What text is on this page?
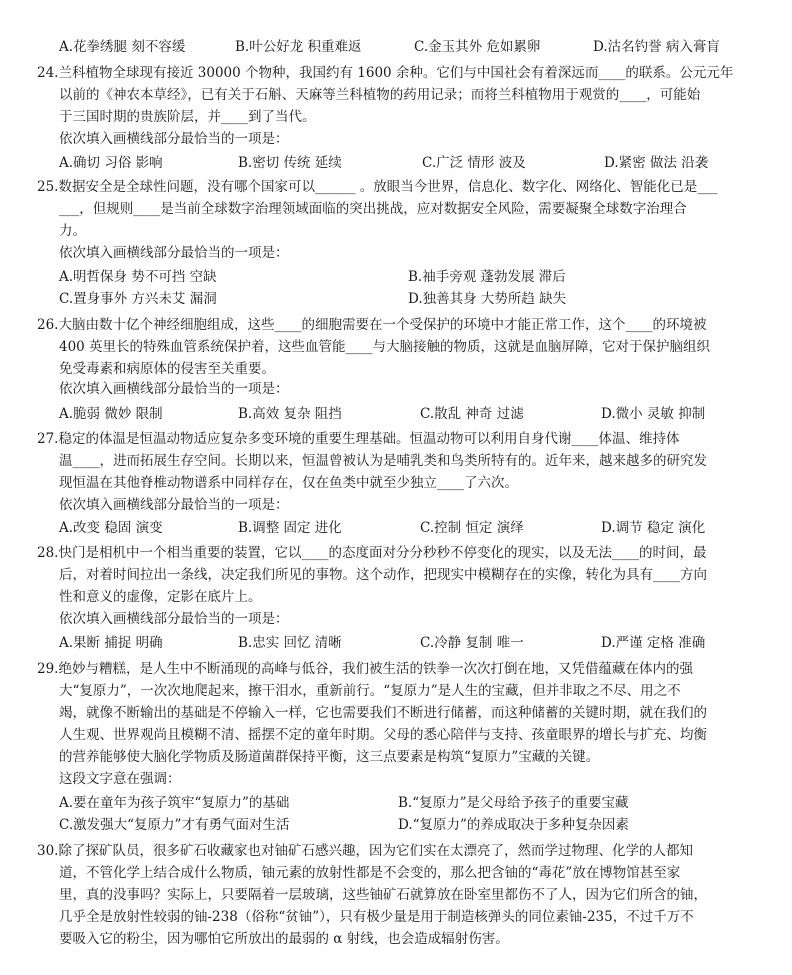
A.花拳绣腿 刻不容缓	B.叶公好龙 积重难返	C.金玉其外 危如累卵	D.沽名钓誉 病入膏肓
24.兰科植物全球现有接近 30000 个物种，我国约有 1600 余种。它们与中国社会有着深远而____的联系。公元元年
以前的《神农本草经》，已有关于石斛、天麻等兰科植物的药用记录；而将兰科植物用于观赏的____，可能始
于三国时期的贵族阶层，并____到了当代。
依次填入画横线部分最恰当的一项是：
A.确切 习俗 影响	B.密切 传统 延续	C.广泛 情形 波及	D.紧密 做法 沿袭
25.数据安全是全球性问题，没有哪个国家可以______ 。放眼当今世界，信息化、数字化、网络化、智能化已是___
___，但规则____是当前全球数字治理领域面临的突出挑战，应对数据安全风险，需要凝聚全球数字治理合
力。
依次填入画横线部分最恰当的一项是：
A.明哲保身 势不可挡 空缺	B.袖手旁观 蓬勃发展 滞后
C.置身事外 方兴未艾 漏洞	D.独善其身 大势所趋 缺失
26.大脑由数十亿个神经细胞组成，这些____的细胞需要在一个受保护的环境中才能正常工作，这个____的环境被
400 英里长的特殊血管系统保护着，这些血管能____与大脑接触的物质，这就是血脑屏障，它对于保护脑组织
免受毒素和病原体的侵害至关重要。
依次填入画横线部分最恰当的一项是：
A.脆弱 微妙 限制	B.高效 复杂 阻挡	C.散乱 神奇 过滤	D.微小 灵敏 抑制
27.稳定的体温是恒温动物适应复杂多变环境的重要生理基础。恒温动物可以利用自身代谢____体温、维持体
温____，进而拓展生存空间。长期以来，恒温曾被认为是哺乳类和鸟类所特有的。近年来，越来越多的研究发
现恒温在其他脊椎动物谱系中同样存在，仅在鱼类中就至少独立____了六次。
依次填入画横线部分最恰当的一项是：
A.改变 稳固 演变	B.调整 固定 进化	C.控制 恒定 演绎	D.调节 稳定 演化
28.快门是相机中一个相当重要的装置，它以____的态度面对分分秒秒不停变化的现实，以及无法____的时间，最
后，对着时间拉出一条线，决定我们所见的事物。这个动作，把现实中模糊存在的实像，转化为具有____方向
性和意义的虚像，定影在底片上。
依次填入画横线部分最恰当的一项是：
A.果断 捕捉 明确	B.忠实 回忆 清晰	C.冷静 复制 唯一	D.严谨 定格 准确
29.绝妙与糟糕，是人生中不断涌现的高峰与低谷，我们被生活的铁拳一次次打倒在地，又凭借蕴藏在体内的强
大“复原力”，一次次地爬起来，擦干泪水，重新前行。“复原力”是人生的宝藏，但并非取之不尽、用之不
竭，就像不断输出的基础是不停输入一样，它也需要我们不断进行储蓄，而这种储蓄的关键时期，就在我们的
人生观、世界观尚且模糊不清、摇摆不定的童年时期。父母的悉心陪伴与支持、孩童眼界的增长与扩充、均衡
的营养能够使大脑化学物质及肠道菌群保持平衡，这三点要素是构筑“复原力”宝藏的关键。
这段文字意在强调：
A.要在童年为孩子筑牢“复原力”的基础	B.“复原力”是父母给予孩子的重要宝藏
C.激发强大“复原力”才有勇气面对生活	D.“复原力”的养成取决于多种复杂因素
30.除了探矿队员，很多矿石收藏家也对铀矿石感兴趣，因为它们实在太漂亮了，然而学过物理、化学的人都知
道，不管化学上结合成什么物质，铀元素的放射性都是不会变的，那么把含铀的“毒花”放在博物馆甚至家
里，真的没事吗？实际上，只要隔着一层玻璃，这些铀矿石就算放在卧室里都伤不了人，因为它们所含的铀，
几乎全是放射性较弱的铀-238（俗称“贫铀”），只有极少量是用于制造核弹头的同位素铀-235，不过千万不
要吸入它的粉尘，因为哪怕它所放出的最弱的 α 射线，也会造成辐射伤害。
